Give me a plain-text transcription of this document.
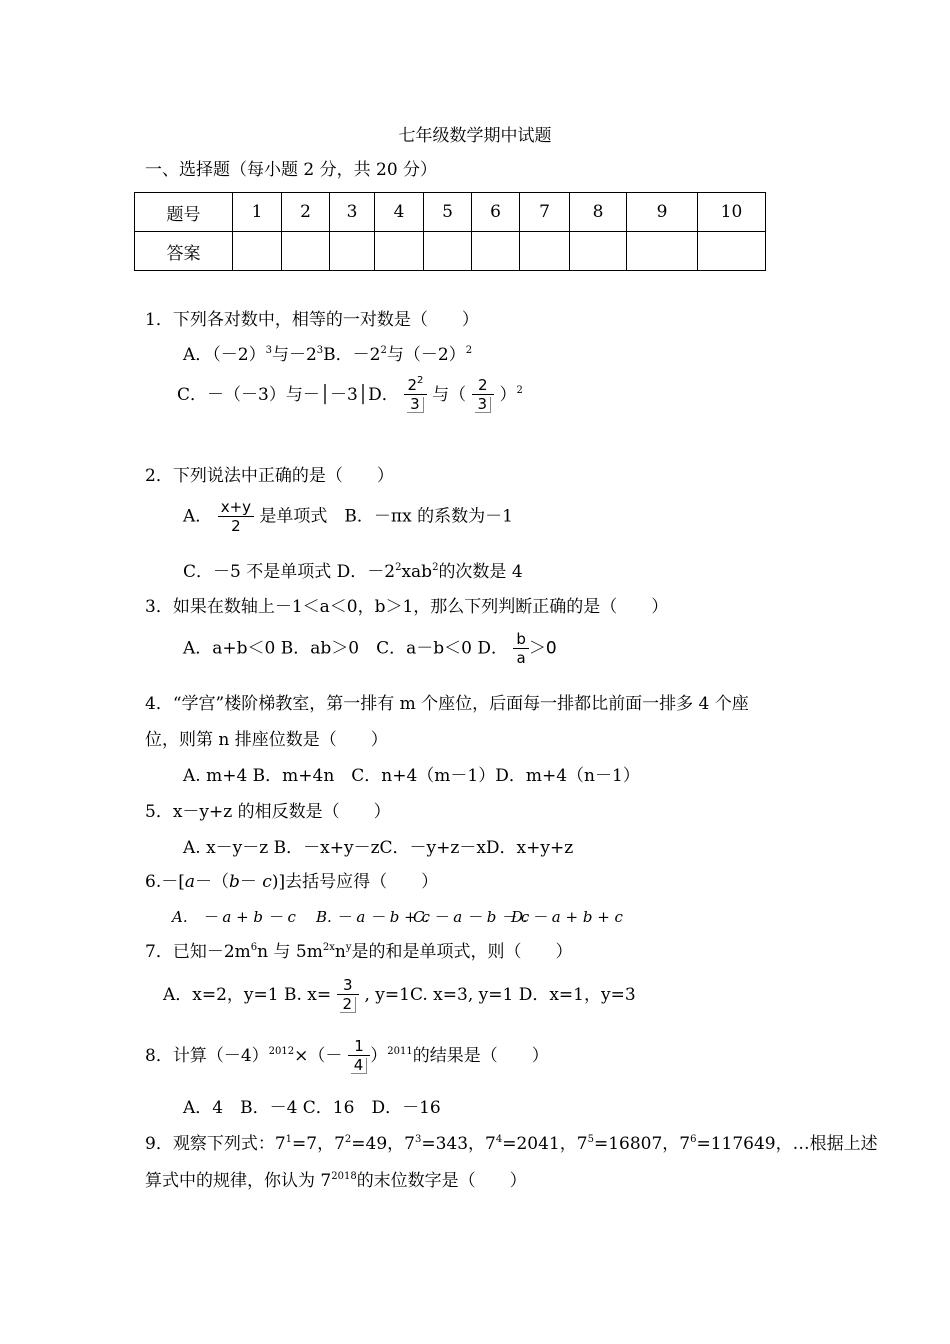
七年级数学期中试题
一、选择题（每小题 2 分，共 20 分）
题号	1	2	3	4	5	6	7	8	9	10
答案										
1．下列各对数中，相等的一对数是（　　）
A．$(-2)^3$与$-2^3B$．$-2^2$与$(-2)^2$
C．－（－3）与－│－3│D． $\frac{2^2}{3}$ 与（ $\frac{2}{3} )^2$
2．下列说法中正确的是（　　）
A． $\frac{x+y}{2}$ 是单项式　B．－πx 的系数为－1
C．－5 不是单项式 D．$-2^2xab^2$的次数是 4
3．如果在数轴上－1＜a＜0，b＞1，那么下列判断正确的是（　　）
A．a+b＜0 B．ab＞0　C．a－b＜0 D． $\frac{b}{a} >0$
4．“学宫”楼阶梯教室，第一排有 m 个座位，后面每一排都比前面一排多 4 个座
位，则第 n 排座位数是（　　）
A. m+4 B．m+4n　C．n+4（m－1）D．m+4（n－1）
5．x－y+z 的相反数是（　　）
A. x－y－z B．－x+y－zC．－y+z－xD．x+y+z
6.－[a－（b－ c)]去括号应得（　　）
A.　－ a + b － c B. － a － b + c
C. － a － b － c
D. － a + b + c
7．已知$-2m^6n$ 与 $5m^{2x}n^y$是的和是单项式，则（　　）
A．x=2，y=1 B. $x= \frac{3}{2}$ , y=1C. x=3, y=1 D．x=1，y=3
8．计算$(-4)^{2012}\times(- \frac{1}{4} )^{2011}$的结果是（　　）
A．4　B．－4 C．16　D．－16
9．观察下列式：$7^1=7$，$7^2=49$，$7^3=343$，$7^4=2041$，$7^5=16807$，$7^6=117649$，…根据上述
算式中的规律，你认为 $7^{2018}$的末位数字是（　　）
